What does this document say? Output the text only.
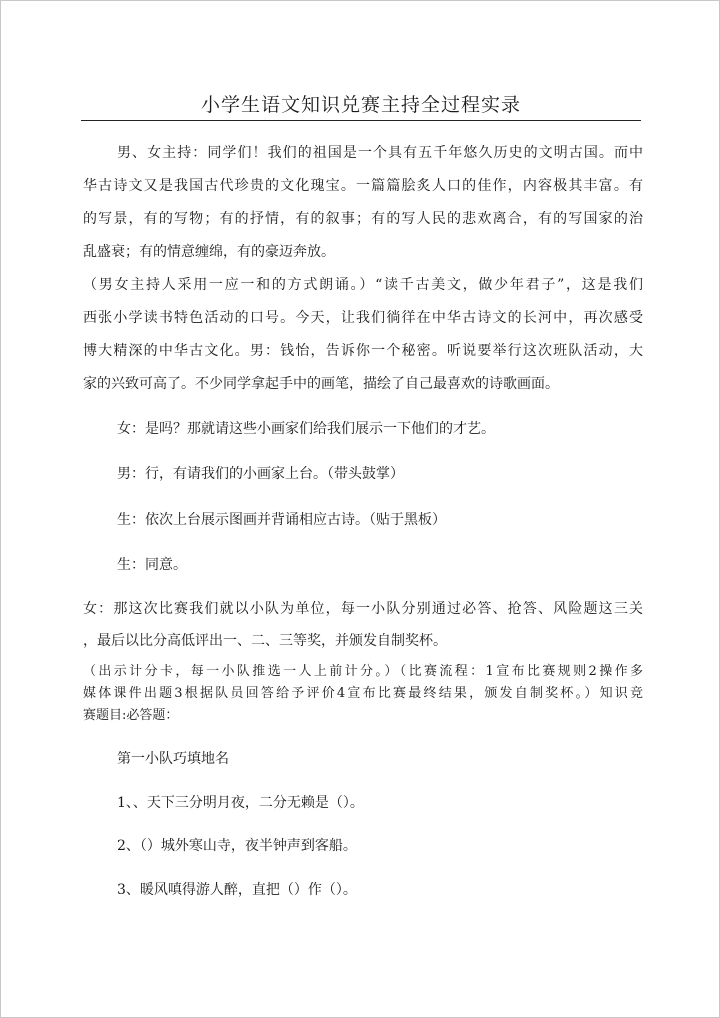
小学生语文知识兑赛主持全过程实录
男、女主持：同学们！我们的祖国是一个具有五千年悠久历史的文明古国。而中
华古诗文又是我国古代珍贵的文化瑰宝。一篇篇脍炙人口的佳作，内容极其丰富。有
的写景，有的写物；有的抒情，有的叙事；有的写人民的悲欢离合，有的写国家的治
乱盛衰；有的情意缠绵，有的豪迈奔放。
（男女主持人采用一应一和的方式朗诵。）“读千古美文，做少年君子”，这是我们
西张小学读书特色活动的口号。今天，让我们徜徉在中华古诗文的长河中，再次感受
博大精深的中华古文化。男：钱怡，告诉你一个秘密。听说要举行这次班队活动，大
家的兴致可高了。不少同学拿起手中的画笔，描绘了自己最喜欢的诗歌画面。
女：是吗？那就请这些小画家们给我们展示一下他们的才艺。
男：行，有请我们的小画家上台。（带头鼓掌）
生：依次上台展示图画并背诵相应古诗。（贴于黑板）
生：同意。
女：那这次比赛我们就以小队为单位，每一小队分别通过必答、抢答、风险题这三关
，最后以比分高低评出一、二、三等奖，并颁发自制奖杯。
（出示计分卡，每一小队推选一人上前计分。）（比赛流程：1宣布比赛规则2操作多
媒体课件出题3根据队员回答给予评价4宣布比赛最终结果，颁发自制奖杯。）知识竞
赛题目:必答题：
第一小队巧填地名
1、、天下三分明月夜，二分无赖是（）。
2、（）城外寒山寺，夜半钟声到客船。
3、暖风嗔得游人醉，直把（）作（）。
